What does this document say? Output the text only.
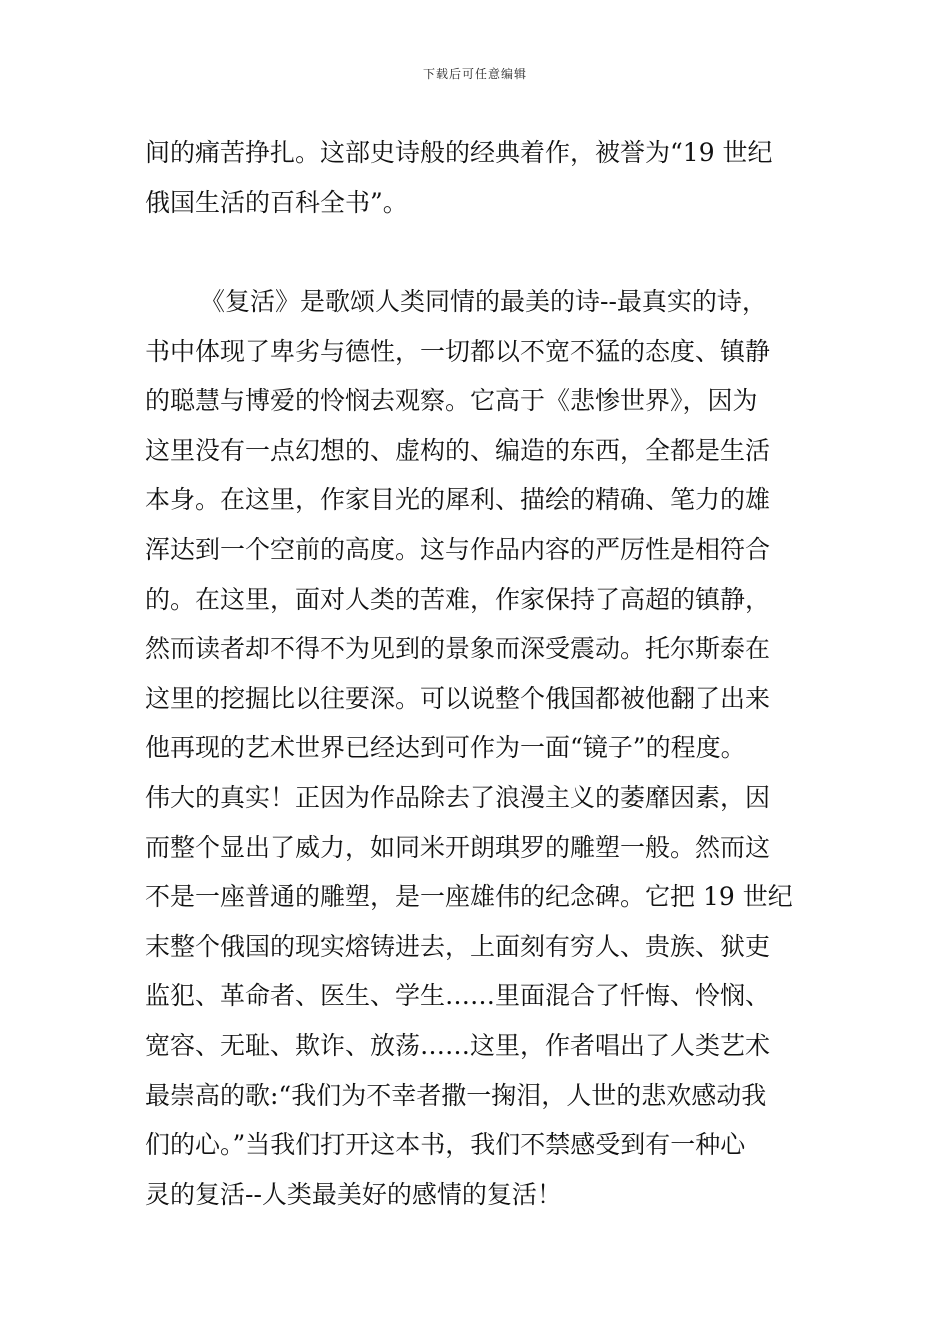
下载后可任意编辑
间的痛苦挣扎。这部史诗般的经典着作，被誉为“19 世纪
俄国生活的百科全书”。
《复活》是歌颂人类同情的最美的诗--最真实的诗，
书中体现了卑劣与德性，一切都以不宽不猛的态度、镇静
的聪慧与博爱的怜悯去观察。它高于《悲惨世界》，因为
这里没有一点幻想的、虚构的、编造的东西，全都是生活
本身。在这里，作家目光的犀利、描绘的精确、笔力的雄
浑达到一个空前的高度。这与作品内容的严厉性是相符合
的。在这里，面对人类的苦难，作家保持了高超的镇静，
然而读者却不得不为见到的景象而深受震动。托尔斯泰在
这里的挖掘比以往要深。可以说整个俄国都被他翻了出来
他再现的艺术世界已经达到可作为一面“镜子”的程度。
伟大的真实！正因为作品除去了浪漫主义的萎靡因素，因
而整个显出了威力，如同米开朗琪罗的雕塑一般。然而这
不是一座普通的雕塑，是一座雄伟的纪念碑。它把 19 世纪
末整个俄国的现实熔铸进去，上面刻有穷人、贵族、狱吏
监犯、革命者、医生、学生……里面混合了忏悔、怜悯、
宽容、无耻、欺诈、放荡……这里，作者唱出了人类艺术
最崇高的歌:“我们为不幸者撒一掬泪，人世的悲欢感动我
们的心。”当我们打开这本书，我们不禁感受到有一种心
灵的复活--人类最美好的感情的复活！
